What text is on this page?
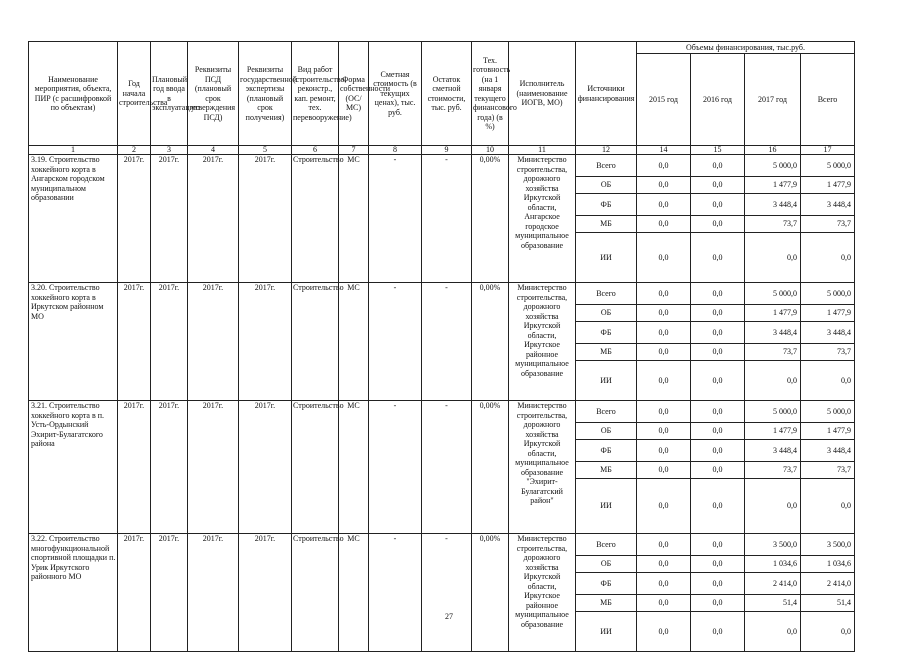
Наименование мероприятия, объекта, ПИР (с расшифровкой по объектам)	Год начала строительства	Плановый год ввода в эксплуатацию	Реквизиты ПСД (плановый срок утверждения ПСД)	Реквизиты государственной экспертизы (плановый срок получения)	Вид работ (строительство, реконстр., кап. ремонт, тех. перевооружение)	Форма собственности (ОС/МС)	Сметная стоимость (в текущих ценах), тыс. руб.	Остаток сметной стоимости, тыс. руб.	Тех. готовность (на 1 января текущего финансового года) (в %)	Исполнитель (наименование ИОГВ, МО)	Источники финансирования	Объемы финансирования, тыс.руб.			
												2015 год	2016 год	2017 год	Всего
1	2	3	4	5	6	7	8	9	10	11	12	14	15	16	17
3.19. Строительство хоккейного корта в Ангарском городском муниципальном образовании	2017г.	2017г.	2017г.	2017г.	Строительство	МС	-	-	0,00%	Министерство строительства, дорожного хозяйства Иркутской области, Ангарское городское муниципальное образование	Всего	0,0	0,0	5 000,0	5 000,0
											ОБ	0,0	0,0	1 477,9	1 477,9
											ФБ	0,0	0,0	3 448,4	3 448,4
											МБ	0,0	0,0	73,7	73,7
											ИИ	0,0	0,0	0,0	0,0
3.20. Строительство хоккейного корта в Иркутском районном МО	2017г.	2017г.	2017г.	2017г.	Строительство	МС	-	-	0,00%	Министерство строительства, дорожного хозяйства Иркутской области, Иркутское районное муниципальное образование	Всего	0,0	0,0	5 000,0	5 000,0
											ОБ	0,0	0,0	1 477,9	1 477,9
											ФБ	0,0	0,0	3 448,4	3 448,4
											МБ	0,0	0,0	73,7	73,7
											ИИ	0,0	0,0	0,0	0,0
3.21. Строительство хоккейного корта в п. Усть-Ордынский Эхирит-Булагатского района	2017г.	2017г.	2017г.	2017г.	Строительство	МС	-	-	0,00%	Министерство строительства, дорожного хозяйства Иркутской области, муниципальное образование "Эхирит-Булагатский район"	Всего	0,0	0,0	5 000,0	5 000,0
											ОБ	0,0	0,0	1 477,9	1 477,9
											ФБ	0,0	0,0	3 448,4	3 448,4
											МБ	0,0	0,0	73,7	73,7
											ИИ	0,0	0,0	0,0	0,0
3.22. Строительство многофункциональной спортивной площадки п. Урик Иркутского районного МО	2017г.	2017г.	2017г.	2017г.	Строительство	МС	-	-	0,00%	Министерство строительства, дорожного хозяйства Иркутской области, Иркутское районное муниципальное образование	Всего	0,0	0,0	3 500,0	3 500,0
											ОБ	0,0	0,0	1 034,6	1 034,6
											ФБ	0,0	0,0	2 414,0	2 414,0
											МБ	0,0	0,0	51,4	51,4
											ИИ	0,0	0,0	0,0	0,0
27
